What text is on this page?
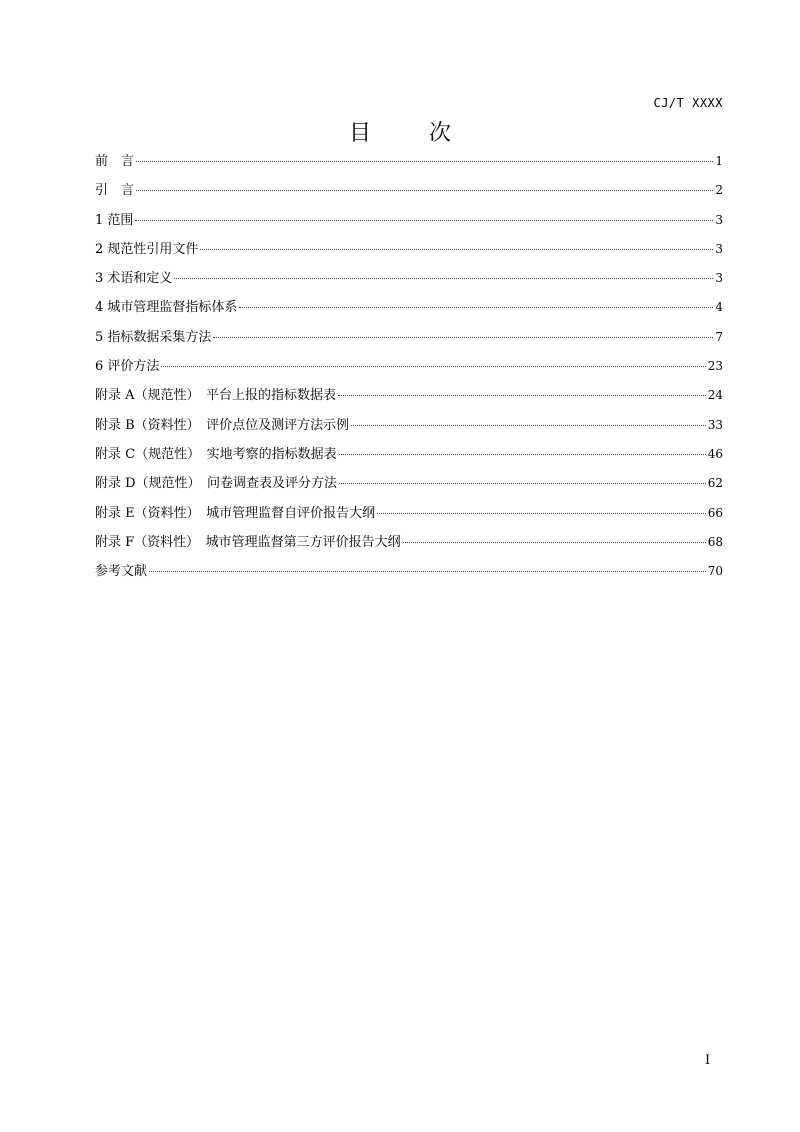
CJ/T XXXX
目　次
前　言	1
引　言	2
1 范围	3
2 规范性引用文件	3
3 术语和定义	3
4 城市管理监督指标体系	4
5 指标数据采集方法	7
6 评价方法	23
附录 A（规范性）　平台上报的指标数据表	24
附录 B（资料性）　评价点位及测评方法示例	33
附录 C（规范性）　实地考察的指标数据表	46
附录 D（规范性）　问卷调查表及评分方法	62
附录 E（资料性）　城市管理监督自评价报告大纲	66
附录 F（资料性）　城市管理监督第三方评价报告大纲	68
参考文献	70
I
